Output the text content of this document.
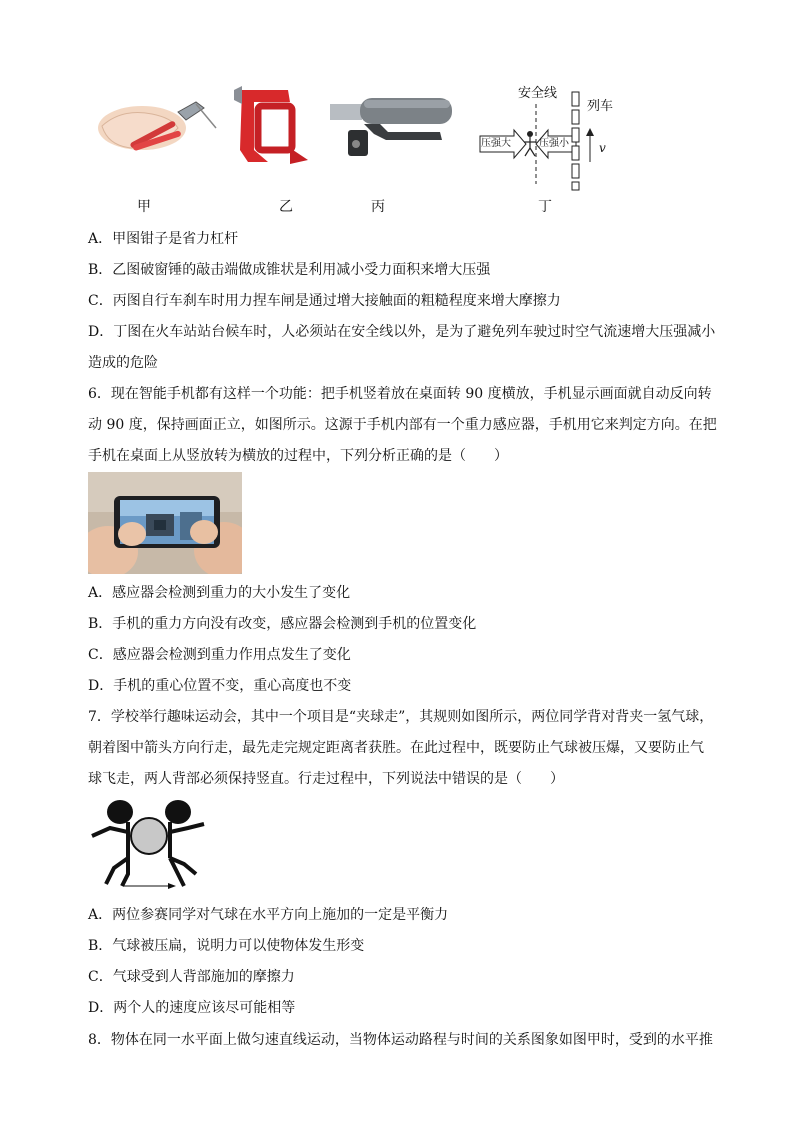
安全线
列车
压强大	压强小	v
甲	乙	丙	丁
A．甲图钳子是省力杠杆
B．乙图破窗锤的敲击端做成锥状是利用减小受力面积来增大压强
C．丙图自行车刹车时用力捏车闸是通过增大接触面的粗糙程度来增大摩擦力
D．丁图在火车站站台候车时，人必须站在安全线以外，是为了避免列车驶过时空气流速增大压强减小
造成的危险
6．现在智能手机都有这样一个功能：把手机竖着放在桌面转 90 度横放，手机显示画面就自动反向转
动 90 度，保持画面正立，如图所示。这源于手机内部有一个重力感应器，手机用它来判定方向。在把
手机在桌面上从竖放转为横放的过程中，下列分析正确的是（　　）
A．感应器会检测到重力的大小发生了变化
B．手机的重力方向没有改变，感应器会检测到手机的位置变化
C．感应器会检测到重力作用点发生了变化
D．手机的重心位置不变，重心高度也不变
7．学校举行趣味运动会，其中一个项目是“夹球走”，其规则如图所示，两位同学背对背夹一氢气球，
朝着图中箭头方向行走，最先走完规定距离者获胜。在此过程中，既要防止气球被压爆，又要防止气
球飞走，两人背部必须保持竖直。行走过程中，下列说法中错误的是（　　）
A．两位参赛同学对气球在水平方向上施加的一定是平衡力
B．气球被压扁，说明力可以使物体发生形变
C．气球受到人背部施加的摩擦力
D．两个人的速度应该尽可能相等
8．物体在同一水平面上做匀速直线运动，当物体运动路程与时间的关系图象如图甲时，受到的水平推
